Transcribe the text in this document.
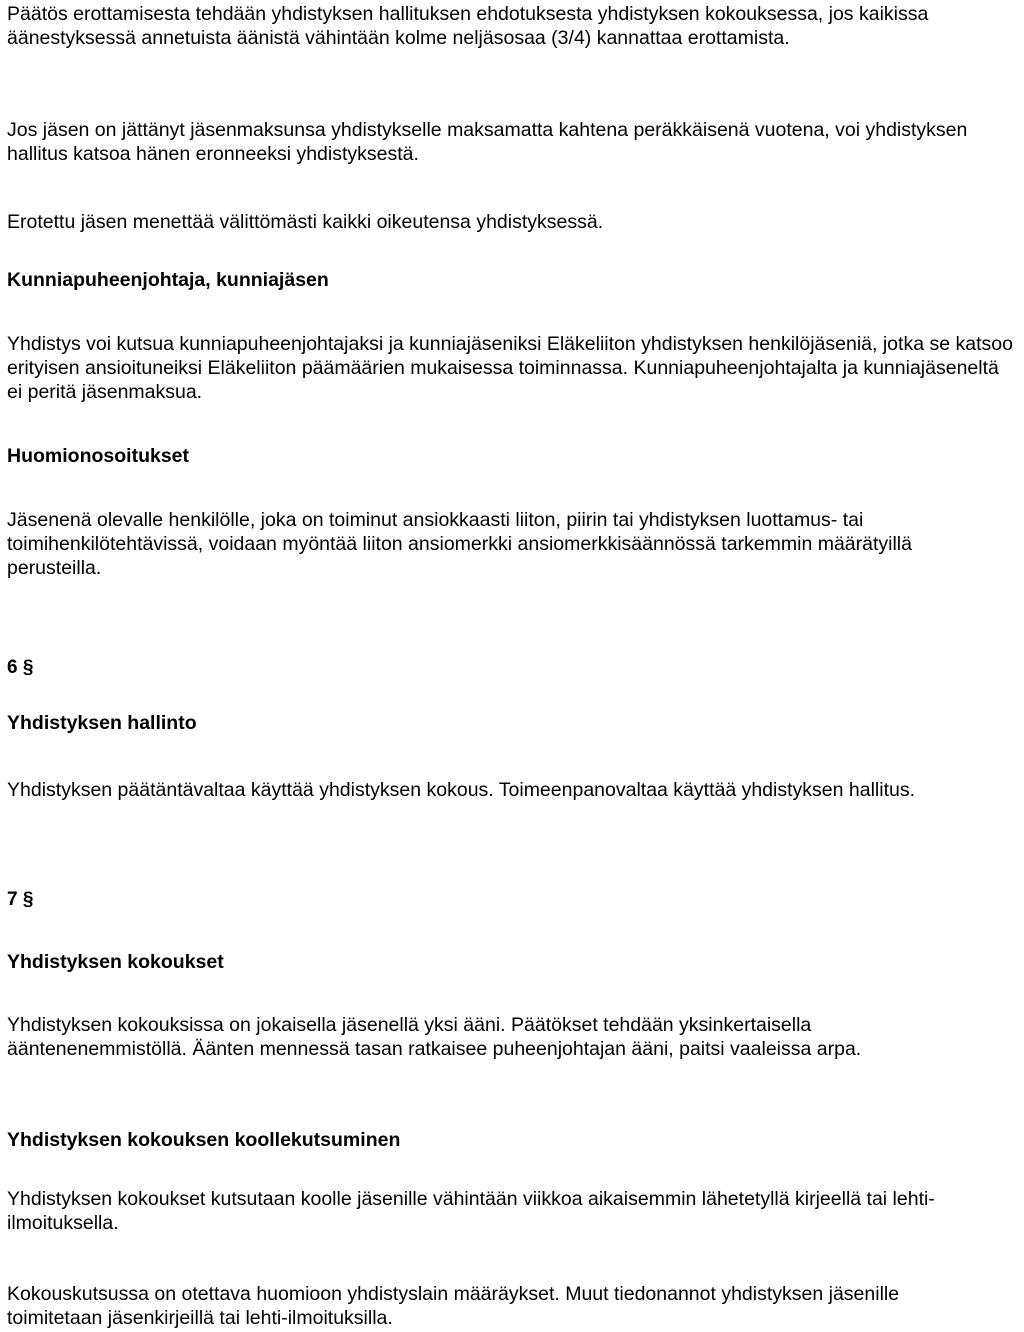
Päätös erottamisesta tehdään yhdistyksen hallituksen ehdotuksesta yhdistyksen kokouksessa, jos kaikissa äänestyksessä annetuista äänistä vähintään kolme neljäsosaa (3/4) kannattaa erottamista.

Jos jäsen on jättänyt jäsenmaksunsa yhdistykselle maksamatta kahtena peräkkäisenä vuotena, voi yhdistyksen hallitus katsoa hänen eronneeksi yhdistyksestä.

Erotettu jäsen menettää välittömästi kaikki oikeutensa yhdistyksessä.

Kunniapuheenjohtaja, kunniajäsen

Yhdistys voi kutsua kunniapuheenjohtajaksi ja kunniajäseniksi Eläkeliiton yhdistyksen henkilöjäseniä, jotka se katsoo erityisen ansioituneiksi Eläkeliiton päämäärien mukaisessa toiminnassa. Kunniapuheenjohtajalta ja kunniajäseneltä ei peritä jäsenmaksua.

Huomionosoitukset

Jäsenenä olevalle henkilölle, joka on toiminut ansiokkaasti liiton, piirin tai yhdistyksen luottamus- tai toimihenkilötehtävissä, voidaan myöntää liiton ansiomerkki ansiomerkkisäännössä tarkemmin määrätyillä perusteilla.

6 §

Yhdistyksen hallinto

Yhdistyksen päätäntävaltaa käyttää yhdistyksen kokous. Toimeenpanovaltaa käyttää yhdistyksen hallitus.

7 §

Yhdistyksen kokoukset

Yhdistyksen kokouksissa on jokaisella jäsenellä yksi ääni. Päätökset tehdään yksinkertaisella ääntenenemmistöllä. Äänten mennessä tasan ratkaisee puheenjohtajan ääni, paitsi vaaleissa arpa.

Yhdistyksen kokouksen koollekutsuminen

Yhdistyksen kokoukset kutsutaan koolle jäsenille vähintään viikkoa aikaisemmin lähetetyllä kirjeellä tai lehti-ilmoituksella.

Kokouskutsussa on otettava huomioon yhdistyslain määräykset. Muut tiedonannot yhdistyksen jäsenille toimitetaan jäsenkirjeillä tai lehti-ilmoituksilla.
